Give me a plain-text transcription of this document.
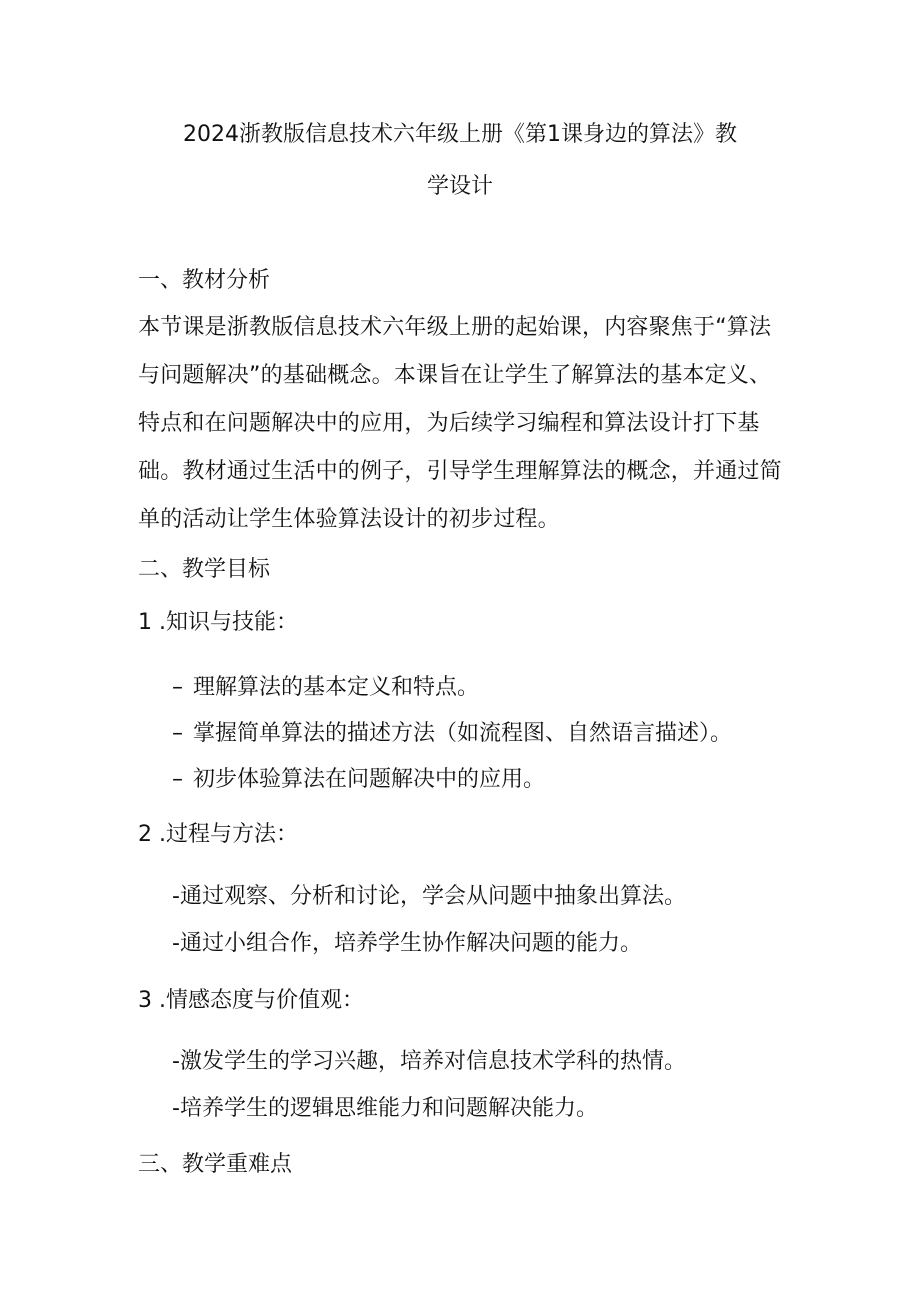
2024浙教版信息技术六年级上册《第1课身边的算法》教
学设计
一、教材分析
本节课是浙教版信息技术六年级上册的起始课，内容聚焦于“算法与问题解决”的基础概念。本课旨在让学生了解算法的基本定义、特点和在问题解决中的应用，为后续学习编程和算法设计打下基础。教材通过生活中的例子，引导学生理解算法的概念，并通过简单的活动让学生体验算法设计的初步过程。
二、教学目标
1 .知识与技能：
– 理解算法的基本定义和特点。
– 掌握简单算法的描述方法（如流程图、自然语言描述）。
– 初步体验算法在问题解决中的应用。
2 .过程与方法：
-通过观察、分析和讨论，学会从问题中抽象出算法。
-通过小组合作，培养学生协作解决问题的能力。
3 .情感态度与价值观：
-激发学生的学习兴趣，培养对信息技术学科的热情。
-培养学生的逻辑思维能力和问题解决能力。
三、教学重难点
